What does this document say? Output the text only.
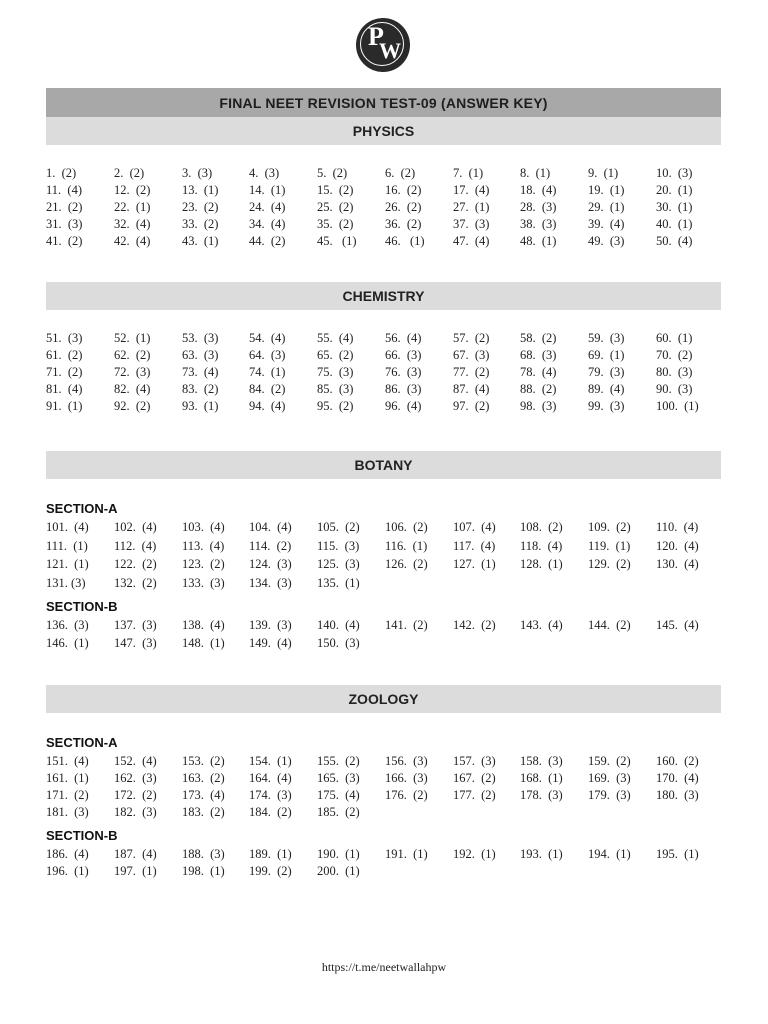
P
W
FINAL NEET REVISION TEST-09 (ANSWER KEY)
PHYSICS
1.  (2)	2.  (2)	3.  (3)	4.  (3)	5.  (2)	6.  (2)	7.  (1)	8.  (1)	9.  (1)	10.  (3)
11.  (4)	12.  (2)	13.  (1) 14.  (1)	15.  (2)	16.  (2)	17.  (4) 18.  (4)	19.  (1)	20.  (1)
21.  (2)	22.  (1)	23.  (2) 24.  (4)	25.  (2)	26.  (2)	27.  (1) 28.  (3)	29.  (1)	30.  (1)
31.  (3)	32.  (4)	33.  (2) 34.  (4)	35.  (2)	36.  (2)	37.  (3) 38.  (3)	39.  (4)	40.  (1)
41.  (2)	42.  (4)	43.  (1) 44.  (2)	45.   (1) 46.   (1) 47.  (4) 48.  (1)	49.  (3)	50.  (4)
CHEMISTRY
51.  (3)	52.  (1)	53.  (3) 54.  (4)	55.  (4)	56.  (4)	57.  (2) 58.  (2)	59.  (3)	60.  (1)
61.  (2)	62.  (2)	63.  (3) 64.  (3)	65.  (2)	66.  (3)	67.  (3) 68.  (3)	69.  (1)	70.  (2)
71.  (2)	72.  (3)	73.  (4) 74.  (1)	75.  (3)	76.  (3)	77.  (2) 78.  (4)	79.  (3)	80.  (3)
81.  (4)	82.  (4)	83.  (2) 84.  (2)	85.  (3)	86.  (3)	87.  (4) 88.  (2)	89.  (4)	90.  (3)
91.  (1)	92.  (2)	93.  (1) 94.  (4)	95.  (2)	96.  (4)	97.  (2) 98.  (3)	99.  (3)	100.  (1)
BOTANY
SECTION-A
101.  (4) 102.  (4) 103.  (4) 104.  (4) 105.  (2) 106.  (2) 107.  (4) 108.  (2) 109.  (2) 110.  (4)
111.  (1) 112.  (4) 113.  (4) 114.  (2) 115.  (3) 116.  (1) 117.  (4) 118.  (4) 119.  (1) 120.  (4)
121.  (1) 122.  (2) 123.  (2) 124.  (3) 125.  (3) 126.  (2) 127.  (1) 128.  (1) 129.  (2) 130.  (4)
131. (3) 132.  (2) 133.  (3) 134.  (3) 135.  (1)
SECTION-B
136.  (3) 137.  (3) 138.  (4) 139.  (3) 140.  (4) 141.  (2) 142.  (2) 143.  (4) 144.  (2) 145.  (4)
146.  (1) 147.  (3) 148.  (1) 149.  (4) 150.  (3)
ZOOLOGY
SECTION-A
151.  (4) 152.  (4) 153.  (2) 154.  (1) 155.  (2) 156.  (3) 157.  (3) 158.  (3) 159.  (2) 160.  (2)
161.  (1) 162.  (3) 163.  (2) 164.  (4) 165.  (3) 166.  (3) 167.  (2) 168.  (1) 169.  (3) 170.  (4)
171.  (2) 172.  (2) 173.  (4) 174.  (3) 175.  (4) 176.  (2) 177.  (2) 178.  (3) 179.  (3) 180.  (3)
181.  (3) 182.  (3) 183.  (2) 184.  (2) 185.  (2)
SECTION-B
186.  (4) 187.  (4) 188.  (3) 189.  (1) 190.  (1) 191.  (1) 192.  (1) 193.  (1) 194.  (1) 195.  (1)
196.  (1) 197.  (1) 198.  (1) 199.  (2) 200.  (1)
https://t.me/neetwallahpw
